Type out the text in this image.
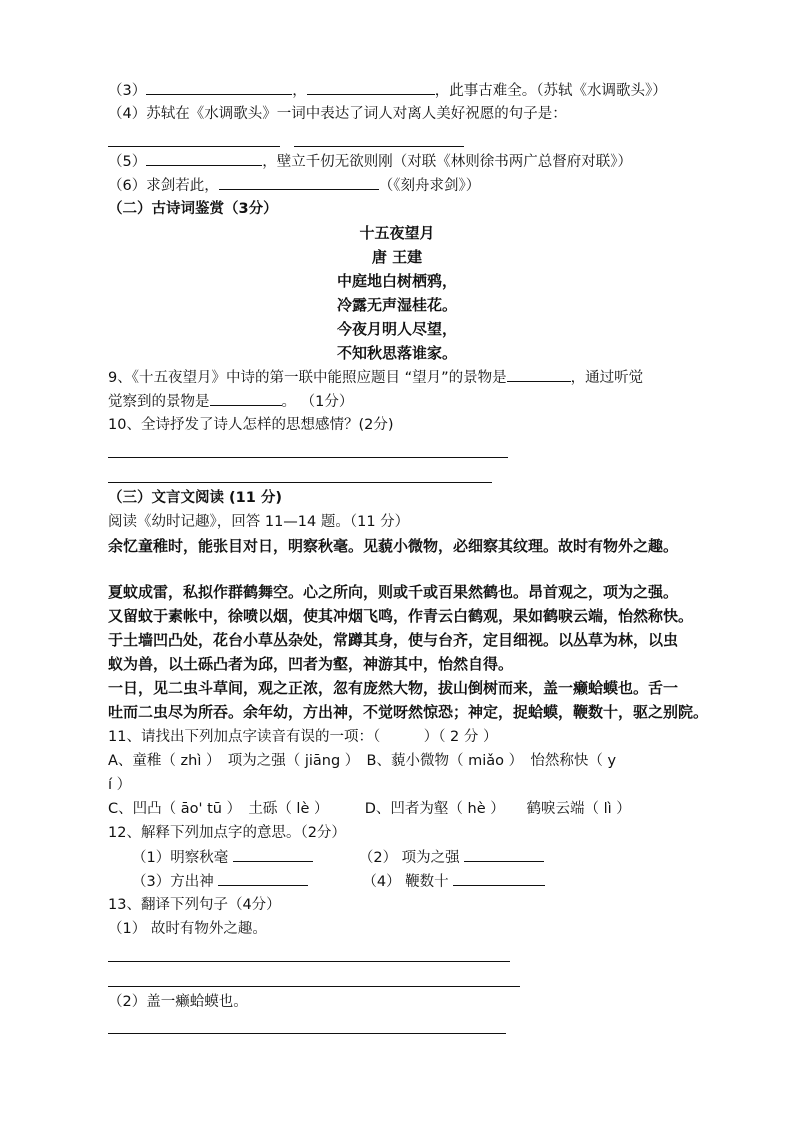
（3）	，	，此事古难全。（苏轼《水调歌头》）
（4）苏轼在《水调歌头》一词中表达了词人对离人美好祝愿的句子是：
（5）	，壁立千仞无欲则刚（对联《林则徐书两广总督府对联》）
（6）求剑若此，	（《刻舟求剑》）
（二）古诗词鉴赏（3分）
十五夜望月
唐 王建
中庭地白树栖鸦，
冷露无声湿桂花。
今夜月明人尽望，
不知秋思落谁家。
9、《十五夜望月》中诗的第一联中能照应题目 “望月”的景物是	，通过听觉
觉察到的景物是	。 （1分）
10、全诗抒发了诗人怎样的思想感情？(2分)
（三）文言文阅读 (11 分)
阅读《幼时记趣》，回答 11—14 题。（11 分）
余忆童稚时，能张目对日，明察秋毫。见藐小微物，必细察其纹理。故时有物外之趣。
夏蚊成雷，私拟作群鹤舞空。心之所向，则或千或百果然鹤也。昂首观之，项为之强。
又留蚊于素帐中，徐喷以烟，使其冲烟飞鸣，作青云白鹤观，果如鹤唳云端，怡然称快。
于土墙凹凸处，花台小草丛杂处，常蹲其身，使与台齐，定目细视。以丛草为林，以虫
蚁为兽，以土砾凸者为邱，凹者为壑，神游其中，怡然自得。
一日，见二虫斗草间，观之正浓，忽有庞然大物，拔山倒树而来，盖一癞蛤蟆也。舌一
吐而二虫尽为所吞。余年幼，方出神，不觉呀然惊恐；神定，捉蛤蟆，鞭数十，驱之别院。
11、请找出下列加点字读音有误的一项：（　　　）（ 2 分 ）
A、童稚（ zhì ）　项为之强（ jiāng ）　B、藐小微物（ miǎo ）　怡然称快（ y
í ）
C、凹凸（ āo' tū ）　土砾（ lè ）　　　D、凹者为壑（ hè ）　　鹤唳云端（ lì ）
12、解释下列加点字的意思。（2分）
（1）明察秋毫	（2） 项为之强
（3）方出神	（4） 鞭数十
13、翻译下列句子（4分）
（1） 故时有物外之趣。
（2）盖一癞蛤蟆也。
